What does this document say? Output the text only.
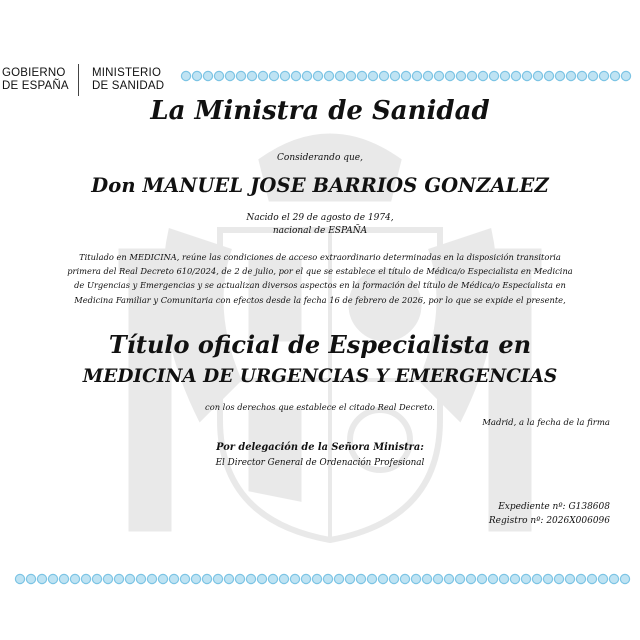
GOBIERNO
DE ESPAÑA
MINISTERIO
DE SANIDAD
La Ministra de Sanidad
Considerando que,
Don MANUEL JOSE BARRIOS GONZALEZ
Nacido el 29 de agosto de 1974,
nacional de ESPAÑA
Titulado en MEDICINA, reúne las condiciones de acceso extraordinario determinadas en la disposición transitoria
primera del Real Decreto 610/2024, de 2 de julio, por el que se establece el título de Médica/o Especialista en Medicina
de Urgencias y Emergencias y se actualizan diversos aspectos en la formación del título de Médica/o Especialista en
Medicina Familiar y Comunitaria con efectos desde la fecha 16 de febrero de 2026, por lo que se expide el presente,
Título oficial de Especialista en
MEDICINA DE URGENCIAS Y EMERGENCIAS
con los derechos que establece el citado Real Decreto.
Madrid, a la fecha de la firma
Por delegación de la Señora Ministra:
El Director General de Ordenación Profesional
Expediente nº: G138608
Registro nº: 2026X006096
